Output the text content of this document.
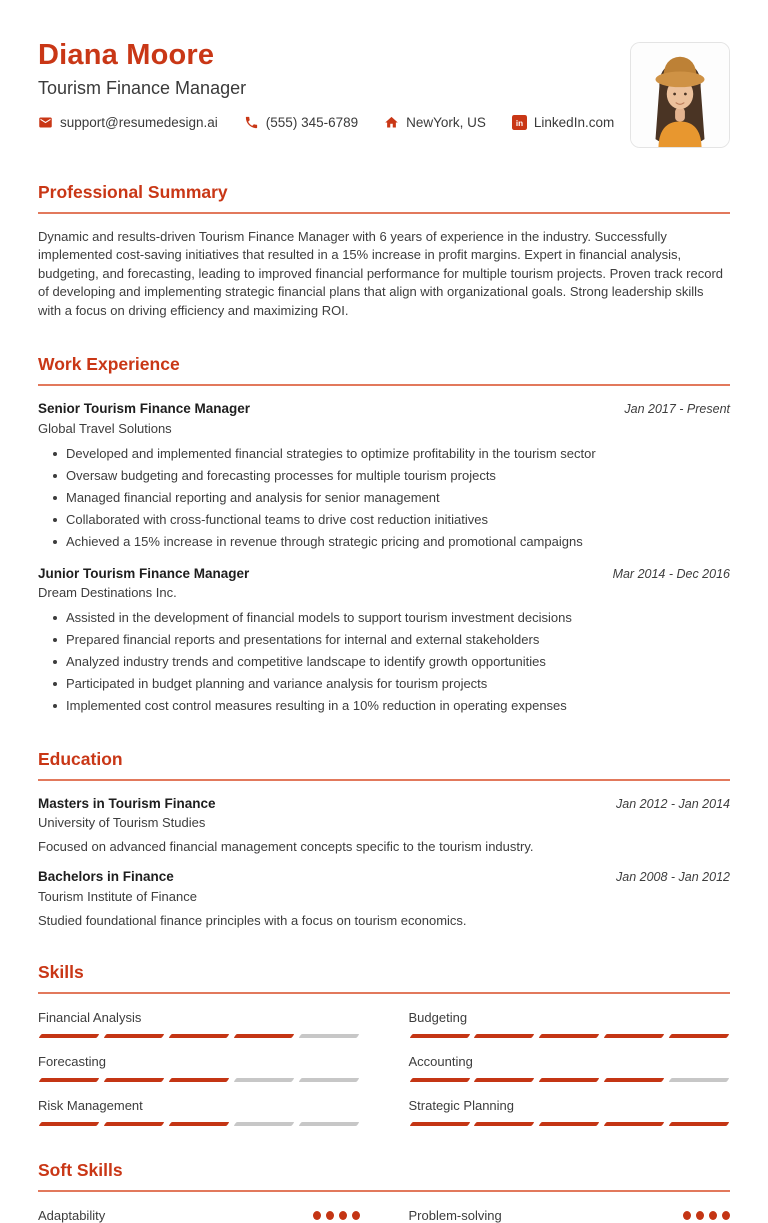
Diana Moore
Tourism Finance Manager
support@resumedesign.ai	(555) 345-6789	NewYork, US in LinkedIn.com
Professional Summary

Dynamic and results-driven Tourism Finance Manager with 6 years of experience in the industry. Successfully implemented cost-saving initiatives that resulted in a 15% increase in profit margins. Expert in financial analysis, budgeting, and forecasting, leading to improved financial performance for multiple tourism projects. Proven track record of developing and implementing strategic financial plans that align with organizational goals. Strong leadership skills with a focus on driving efficiency and maximizing ROI.

Work Experience
Senior Tourism Finance Manager
Global Travel Solutions
Jan 2017 - Present
Developed and implemented financial strategies to optimize profitability in the tourism sector
Oversaw budgeting and forecasting processes for multiple tourism projects
Managed financial reporting and analysis for senior management
Collaborated with cross-functional teams to drive cost reduction initiatives
Achieved a 15% increase in revenue through strategic pricing and promotional campaigns
Junior Tourism Finance Manager
Dream Destinations Inc.
Mar 2014 - Dec 2016
Assisted in the development of financial models to support tourism investment decisions
Prepared financial reports and presentations for internal and external stakeholders
Analyzed industry trends and competitive landscape to identify growth opportunities
Participated in budget planning and variance analysis for tourism projects
Implemented cost control measures resulting in a 10% reduction in operating expenses
Education
Masters in Tourism Finance
University of Tourism Studies
Jan 2012 - Jan 2014

Focused on advanced financial management concepts specific to the tourism industry.

Bachelors in Finance
Tourism Institute of Finance
Jan 2008 - Jan 2012

Studied foundational finance principles with a focus on tourism economics.

Skills
Financial Analysis	Budgeting
Forecasting	Accounting
Risk Management	Strategic Planning
Soft Skills
Adaptability	Problem-solving
